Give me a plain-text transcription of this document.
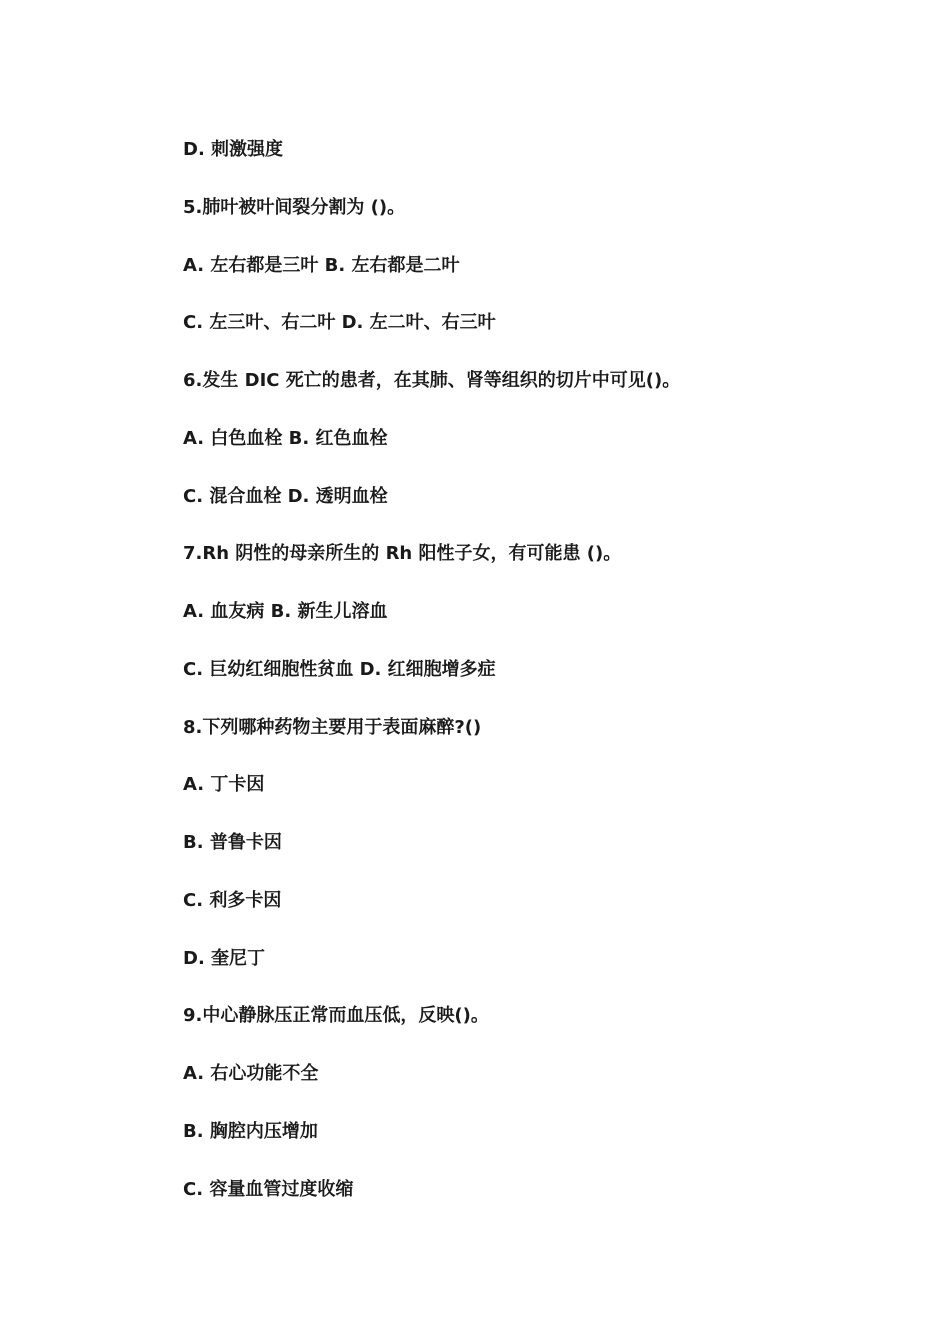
D. 刺激强度
5.肺叶被叶间裂分割为 ()。
A. 左右都是三叶 B. 左右都是二叶
C. 左三叶、右二叶 D. 左二叶、右三叶
6.发生 DIC 死亡的患者，在其肺、肾等组织的切片中可见()。
A. 白色血栓 B. 红色血栓
C. 混合血栓 D. 透明血栓
7.Rh 阴性的母亲所生的 Rh 阳性子女，有可能患 ()。
A. 血友病 B. 新生儿溶血
C. 巨幼红细胞性贫血 D. 红细胞增多症
8.下列哪种药物主要用于表面麻醉?()
A. 丁卡因
B. 普鲁卡因
C. 利多卡因
D. 奎尼丁
9.中心静脉压正常而血压低，反映()。
A. 右心功能不全
B. 胸腔内压增加
C. 容量血管过度收缩
